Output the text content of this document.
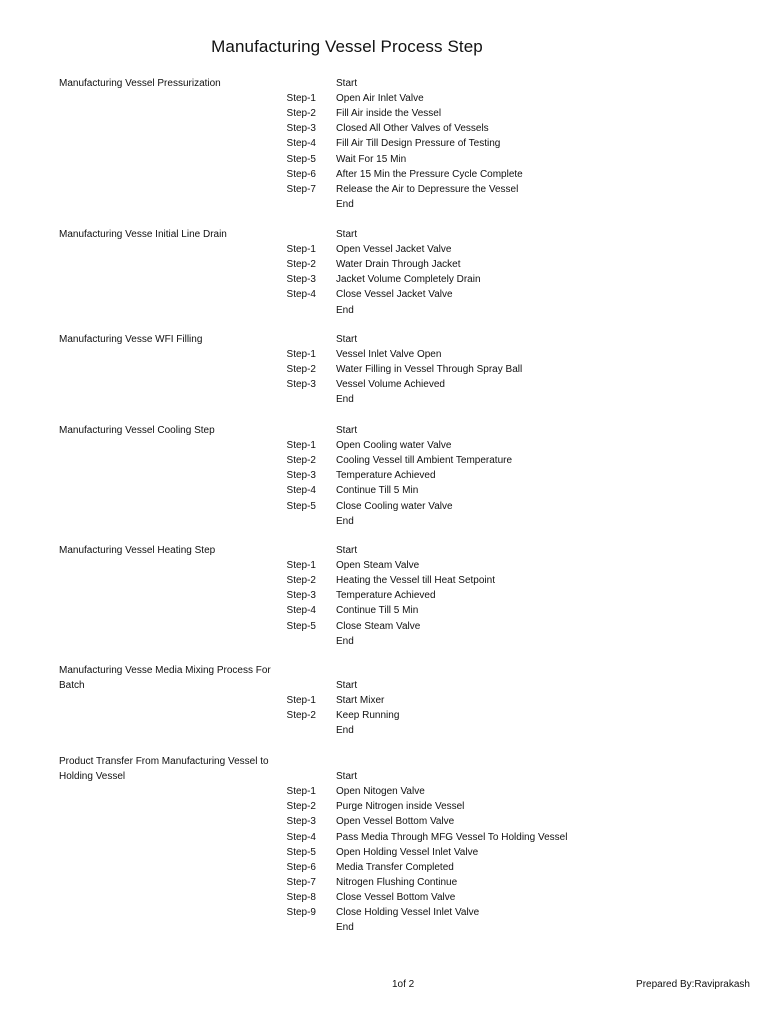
Manufacturing Vessel Process Step
Manufacturing Vessel Pressurization	Start
Step-1 Open Air Inlet Valve
Step-2 Fill Air inside the Vessel
Step-3 Closed All Other Valves of Vessels
Step-4 Fill Air Till Design Pressure of Testing
Step-5 Wait For 15 Min
Step-6 After 15 Min the Pressure Cycle Complete
Step-7 Release the Air to Depressure the Vessel
End
Manufacturing Vesse Initial Line Drain	Start
Step-1 Open Vessel Jacket Valve
Step-2 Water Drain Through Jacket
Step-3 Jacket Volume Completely Drain
Step-4 Close Vessel Jacket Valve
End
Manufacturing Vesse WFI Filling	Start
Step-1 Vessel Inlet Valve Open
Step-2 Water Filling in Vessel Through Spray Ball
Step-3 Vessel Volume Achieved
End
Manufacturing Vessel Cooling Step	Start
Step-1 Open Cooling water Valve
Step-2 Cooling Vessel till Ambient Temperature
Step-3 Temperature Achieved
Step-4 Continue Till 5 Min
Step-5 Close Cooling water Valve
End
Manufacturing Vessel Heating Step	Start
Step-1 Open Steam Valve
Step-2 Heating the Vessel till Heat Setpoint
Step-3 Temperature Achieved
Step-4 Continue Till 5 Min
Step-5 Close Steam Valve
End
Manufacturing Vesse Media Mixing Process For Batch	Start
Step-1 Start Mixer
Step-2 Keep Running
End
Product Transfer From Manufacturing Vessel to Holding Vessel	Start
Step-1 Open Nitogen Valve
Step-2 Purge Nitrogen inside Vessel
Step-3 Open Vessel Bottom Valve
Step-4 Pass Media Through MFG Vessel To Holding Vessel
Step-5 Open Holding Vessel Inlet Valve
Step-6 Media Transfer Completed
Step-7 Nitrogen Flushing Continue
Step-8 Close Vessel Bottom Valve
Step-9 Close Holding Vessel Inlet Valve
End
1of 2	Prepared By:Raviprakash
